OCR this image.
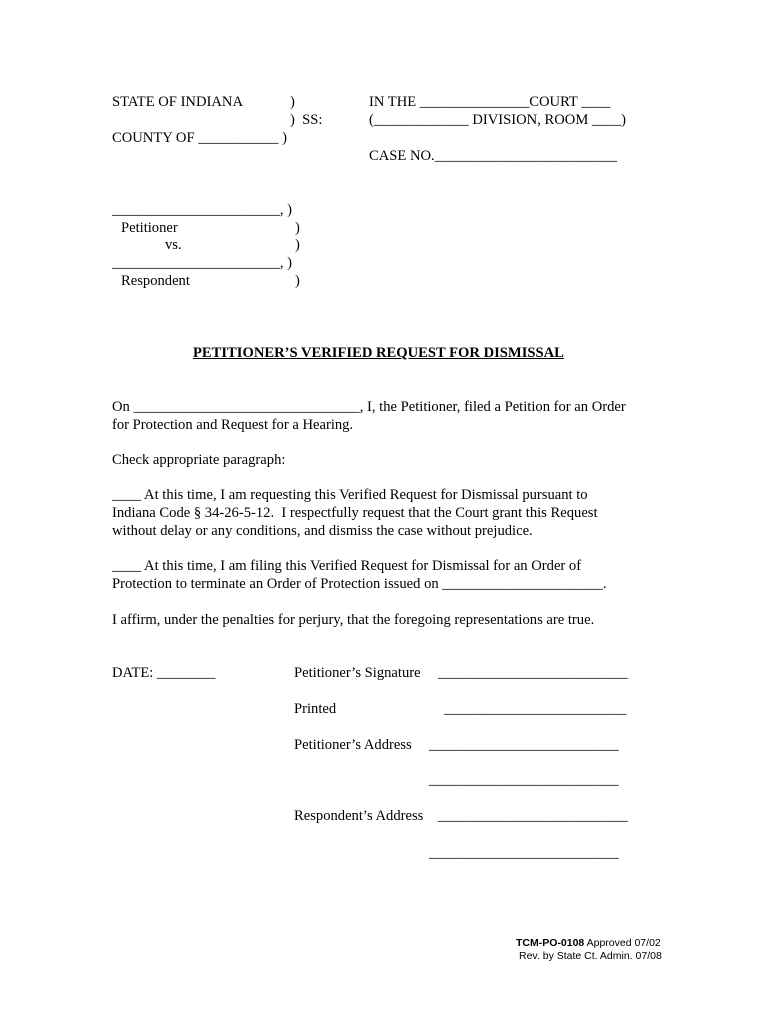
STATE OF INDIANA	)
)  SS:
COUNTY OF ___________ )
IN THE _______________COURT ____
(_____________ DIVISION, ROOM ____)
CASE NO._________________________
_______________________, )
Petitioner	)
vs.	)
_______________________, )
Respondent	)
PETITIONER’S VERIFIED REQUEST FOR DISMISSAL
On _______________________________, I, the Petitioner, filed a Petition for an Order
for Protection and Request for a Hearing.
Check appropriate paragraph:
____ At this time, I am requesting this Verified Request for Dismissal pursuant to
Indiana Code § 34-26-5-12.  I respectfully request that the Court grant this Request
without delay or any conditions, and dismiss the case without prejudice.
____ At this time, I am filing this Verified Request for Dismissal for an Order of
Protection to terminate an Order of Protection issued on ______________________.
I affirm, under the penalties for perjury, that the foregoing representations are true.
DATE: ________	Petitioner’s Signature __________________________
Printed	_________________________
Petitioner’s Address __________________________
__________________________
Respondent’s Address __________________________
__________________________
TCM-PO-0108 Approved 07/02
Rev. by State Ct. Admin. 07/08
